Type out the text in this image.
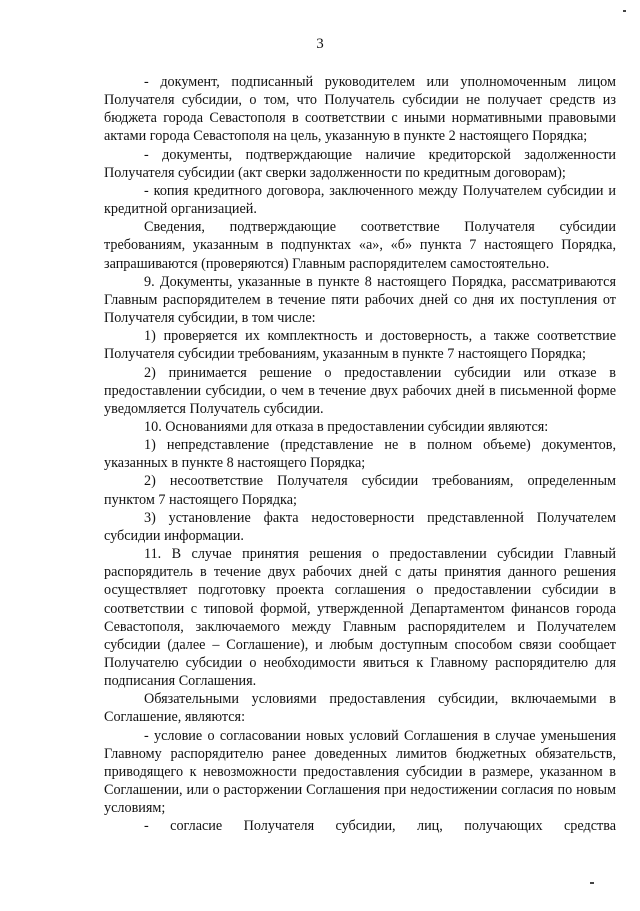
3

- документ, подписанный руководителем или уполномоченным лицом Получателя субсидии, о том, что Получатель субсидии не получает средств из бюджета города Севастополя в соответствии с иными нормативными правовыми актами города Севастополя на цель, указанную в пункте 2 настоящего Порядка;

- документы, подтверждающие наличие кредиторской задолженности Получателя субсидии (акт сверки задолженности по кредитным договорам);

- копия кредитного договора, заключенного между Получателем субсидии и кредитной организацией.

Сведения, подтверждающие соответствие Получателя субсидии требованиям, указанным в подпунктах «а», «б» пункта 7 настоящего Порядка, запрашиваются (проверяются) Главным распорядителем самостоятельно.

9. Документы, указанные в пункте 8 настоящего Порядка, рассматриваются Главным распорядителем в течение пяти рабочих дней со дня их поступления от Получателя субсидии, в том числе:

1) проверяется их комплектность и достоверность, а также соответствие Получателя субсидии требованиям, указанным в пункте 7 настоящего Порядка;

2) принимается решение о предоставлении субсидии или отказе в предоставлении субсидии, о чем в течение двух рабочих дней в письменной форме уведомляется Получатель субсидии.

10. Основаниями для отказа в предоставлении субсидии являются:

1) непредставление (представление не в полном объеме) документов, указанных в пункте 8 настоящего Порядка;

2) несоответствие Получателя субсидии требованиям, определенным пунктом 7 настоящего Порядка;

3) установление факта недостоверности представленной Получателем субсидии информации.

11. В случае принятия решения о предоставлении субсидии Главный распорядитель в течение двух рабочих дней с даты принятия данного решения осуществляет подготовку проекта соглашения о предоставлении субсидии в соответствии с типовой формой, утвержденной Департаментом финансов города Севастополя, заключаемого между Главным распорядителем и Получателем субсидии (далее – Соглашение), и любым доступным способом связи сообщает Получателю субсидии о необходимости явиться к Главному распорядителю для подписания Соглашения.

Обязательными условиями предоставления субсидии, включаемыми в Соглашение, являются:

- условие о согласовании новых условий Соглашения в случае уменьшения Главному распорядителю ранее доведенных лимитов бюджетных обязательств, приводящего к невозможности предоставления субсидии в размере, указанном в Соглашении, или о расторжении Соглашения при недостижении согласия по новым условиям;

- согласие Получателя субсидии, лиц, получающих средства
